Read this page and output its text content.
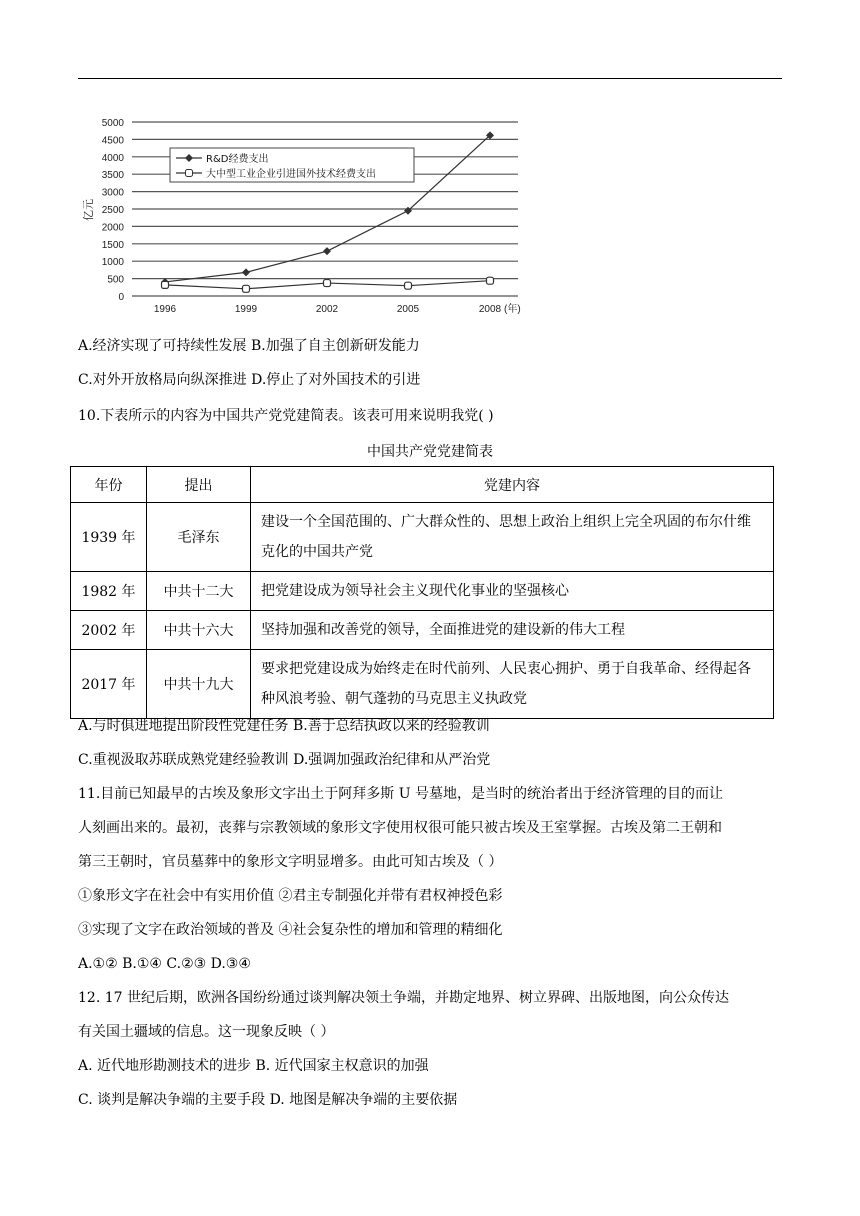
0
500
1000
1500
2000
2500
3000
3500
4000
4500
5000
1996	1999	2002	2005	2008 (年)
亿元
R&D经费支出
大中型工业企业引进国外技术经费支出
A.经济实现了可持续性发展 B.加强了自主创新研发能力
C.对外开放格局向纵深推进 D.停止了对外国技术的引进
10.下表所示的内容为中国共产党党建简表。该表可用来说明我党( )
中国共产党党建简表
年份	提出	党建内容
1939 年	毛泽东	建设一个全国范围的、广大群众性的、思想上政治上组织上完全巩固的布尔什维克化的中国共产党
1982 年	中共十二大	把党建设成为领导社会主义现代化事业的坚强核心
2002 年	中共十六大	坚持加强和改善党的领导，全面推进党的建设新的伟大工程
2017 年	中共十九大	要求把党建设成为始终走在时代前列、人民衷心拥护、勇于自我革命、经得起各种风浪考验、朝气蓬勃的马克思主义执政党
A.与时俱进地提出阶段性党建任务 B.善于总结执政以来的经验教训
C.重视汲取苏联成熟党建经验教训 D.强调加强政治纪律和从严治党
11.目前已知最早的古埃及象形文字出土于阿拜多斯 U 号墓地，是当时的统治者出于经济管理的目的而让
人刻画出来的。最初，丧葬与宗教领域的象形文字使用权很可能只被古埃及王室掌握。古埃及第二王朝和
第三王朝时，官员墓葬中的象形文字明显增多。由此可知古埃及（ ）
①象形文字在社会中有实用价值 ②君主专制强化并带有君权神授色彩
③实现了文字在政治领域的普及 ④社会复杂性的增加和管理的精细化
A.①② B.①④ C.②③ D.③④
12. 17 世纪后期，欧洲各国纷纷通过谈判解决领土争端，并勘定地界、树立界碑、出版地图，向公众传达
有关国土疆域的信息。这一现象反映（ ）
A. 近代地形勘测技术的进步 B. 近代国家主权意识的加强
C. 谈判是解决争端的主要手段 D. 地图是解决争端的主要依据
